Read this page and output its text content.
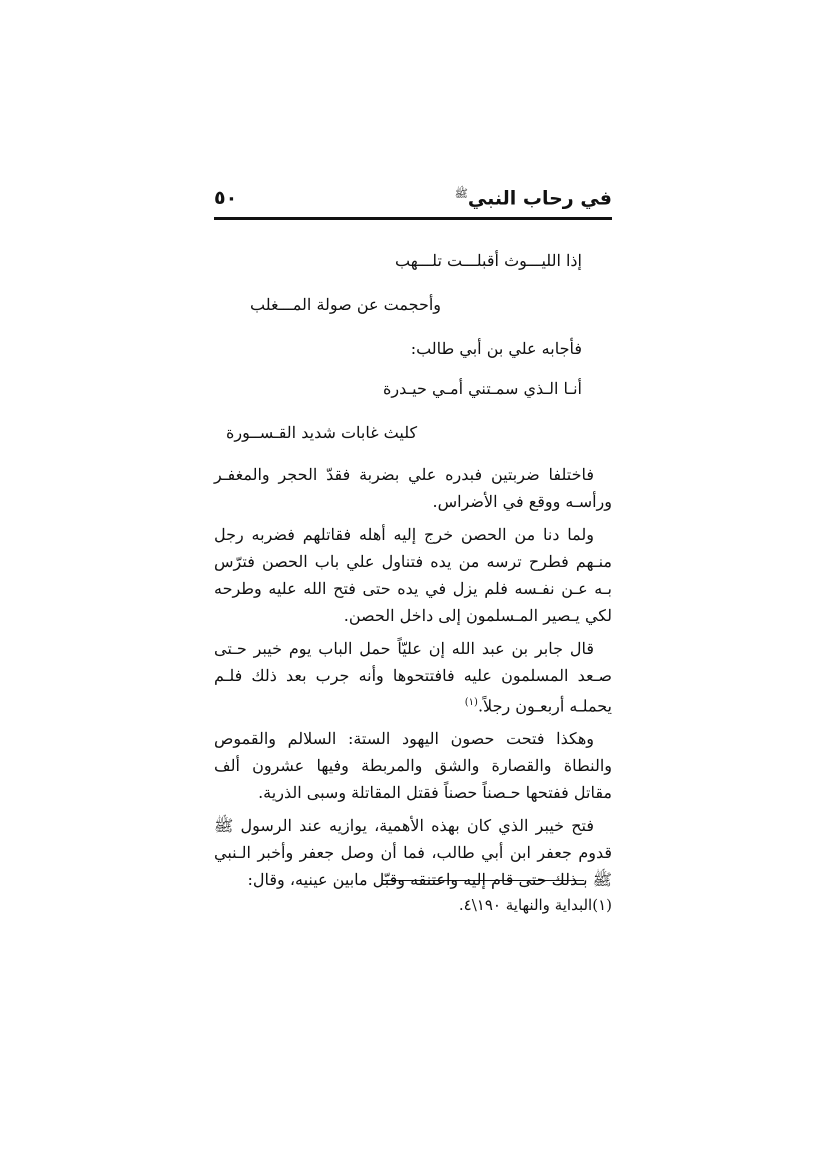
في رحاب النبي$^ﷺ$
٥٠
إذا الليـــوث أقبلـــت تلـــهب
وأحجمت عن صولة المـــغلب
فأجابه علي بن أبي طالب:
أنـا الـذي سمـتني أمـي حيـدرة
كليث غابات شديد القـســورة

فاختلفا ضربتين فبدره علي بضربة فقدّ الحجر والمغفـر ورأسـه ووقع في الأضراس.

ولما دنا من الحصن خرج إليه أهله فقاتلهم فضربه رجل منـهم فطرح ترسه من يده فتناول علي باب الحصن فترّس بـه عـن نفـسه فلم يزل في يده حتى فتح الله عليه وطرحه لكي يـصير المـسلمون إلى داخل الحصن.

قال جابر بن عبد الله إن عليّاً حمل الباب يوم خيبر حـتى صـعد المسلمون عليه فافتتحوها وأنه جرب بعد ذلك فلـم يحملـه أربعـون رجلاً.$^{(١)}$

وهكذا فتحت حصون اليهود الستة: السلالم والقموص والنطاة والقصارة والشق والمربطة وفيها عشرون ألف مقاتل ففتحها حـصناً حصناً فقتل المقاتلة وسبى الذرية.

فتح خيبر الذي كان بهذه الأهمية، يوازيه عند الرسول ﷺ قدوم جعفر ابن أبي طالب، فما أن وصل جعفر وأخبر الـنبي ﷺ بـذلك حتى قام إليه واعتنقه وقبّل مابين عينيه، وقال:

(١)البداية والنهاية ١٩٠\٤.
